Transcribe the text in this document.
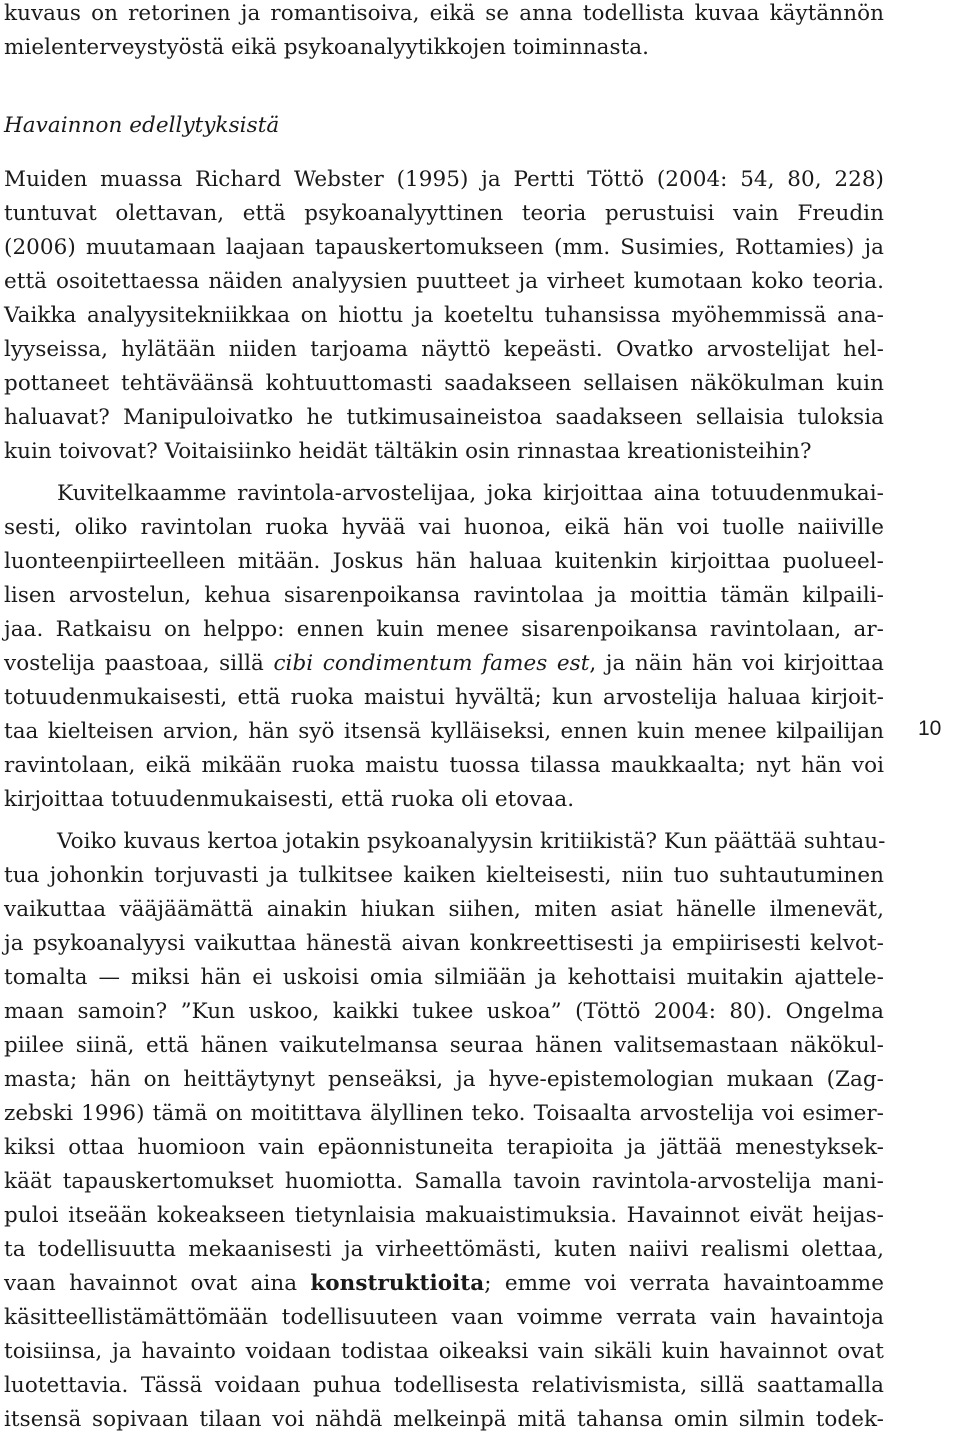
kuvaus on retorinen ja romantisoiva, eikä se anna todellista kuvaa käytännön
mielenterveystyöstä eikä psykoanalyytikkojen toiminnasta.
Havainnon edellytyksistä
Muiden muassa Richard Webster (1995) ja Pertti Töttö (2004: 54, 80, 228)
tuntuvat olettavan, että psykoanalyyttinen teoria perustuisi vain Freudin
(2006) muutamaan laajaan tapauskertomukseen (mm. Susimies, Rottamies) ja
että osoitettaessa näiden analyysien puutteet ja virheet kumotaan koko teoria.
Vaikka analyysitekniikkaa on hiottu ja koeteltu tuhansissa myöhemmissä ana-
lyyseissa, hylätään niiden tarjoama näyttö kepeästi. Ovatko arvostelijat hel-
pottaneet tehtäväänsä kohtuuttomasti saadakseen sellaisen näkökulman kuin
haluavat? Manipuloivatko he tutkimusaineistoa saadakseen sellaisia tuloksia
kuin toivovat? Voitaisiinko heidät tältäkin osin rinnastaa kreationisteihin?
Kuvitelkaamme ravintola-arvostelijaa, joka kirjoittaa aina totuudenmukai-
sesti, oliko ravintolan ruoka hyvää vai huonoa, eikä hän voi tuolle naiiville
luonteenpiirteelleen mitään. Joskus hän haluaa kuitenkin kirjoittaa puolueel-
lisen arvostelun, kehua sisarenpoikansa ravintolaa ja moittia tämän kilpaili-
jaa. Ratkaisu on helppo: ennen kuin menee sisarenpoikansa ravintolaan, ar-
vostelija paastoaa, sillä cibi condimentum fames est, ja näin hän voi kirjoittaa
totuudenmukaisesti, että ruoka maistui hyvältä; kun arvostelija haluaa kirjoit-
taa kielteisen arvion, hän syö itsensä kylläiseksi, ennen kuin menee kilpailijan
ravintolaan, eikä mikään ruoka maistu tuossa tilassa maukkaalta; nyt hän voi
kirjoittaa totuudenmukaisesti, että ruoka oli etovaa.
Voiko kuvaus kertoa jotakin psykoanalyysin kritiikistä? Kun päättää suhtau-
tua johonkin torjuvasti ja tulkitsee kaiken kielteisesti, niin tuo suhtautuminen
vaikuttaa vääjäämättä ainakin hiukan siihen, miten asiat hänelle ilmenevät,
ja psykoanalyysi vaikuttaa hänestä aivan konkreettisesti ja empiirisesti kelvot-
tomalta — miksi hän ei uskoisi omia silmiään ja kehottaisi muitakin ajattele-
maan samoin? ”Kun uskoo, kaikki tukee uskoa” (Töttö 2004: 80). Ongelma
piilee siinä, että hänen vaikutelmansa seuraa hänen valitsemastaan näkökul-
masta; hän on heittäytynyt penseäksi, ja hyve-epistemologian mukaan (Zag-
zebski 1996) tämä on moitittava älyllinen teko. Toisaalta arvostelija voi esimer-
kiksi ottaa huomioon vain epäonnistuneita terapioita ja jättää menestyksek-
käät tapauskertomukset huomiotta. Samalla tavoin ravintola-arvostelija mani-
puloi itseään kokeakseen tietynlaisia makuaistimuksia. Havainnot eivät heijas-
ta todellisuutta mekaanisesti ja virheettömästi, kuten naiivi realismi olettaa,
vaan havainnot ovat aina konstruktioita; emme voi verrata havaintoamme
käsitteellistämättömään todellisuuteen vaan voimme verrata vain havaintoja
toisiinsa, ja havainto voidaan todistaa oikeaksi vain sikäli kuin havainnot ovat
luotettavia. Tässä voidaan puhua todellisesta relativismista, sillä saattamalla
itsensä sopivaan tilaan voi nähdä melkeinpä mitä tahansa omin silmin todek-
10
